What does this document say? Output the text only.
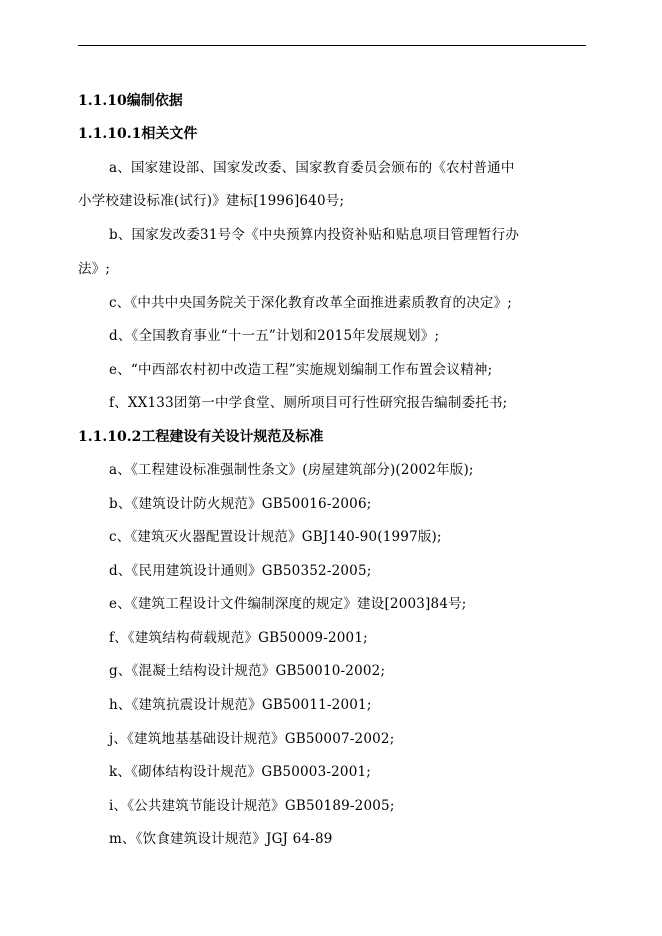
1.1.10编制依据
1.1.10.1相关文件
a、国家建设部、国家发改委、国家教育委员会颁布的《农村普通中
小学校建设标准(试行)》建标[1996]640号;
b、国家发改委31号令《中央预算内投资补贴和贴息项目管理暂行办
法》;
c、《中共中央国务院关于深化教育改革全面推进素质教育的决定》;
d、《全国教育事业“十一五”计划和2015年发展规划》;
e、“中西部农村初中改造工程”实施规划编制工作布置会议精神;
f、XX133团第一中学食堂、厕所项目可行性研究报告编制委托书;
1.1.10.2工程建设有关设计规范及标准
a、《工程建设标准强制性条文》(房屋建筑部分)(2002年版);
b、《建筑设计防火规范》GB50016-2006;
c、《建筑灭火器配置设计规范》GBJ140-90(1997版);
d、《民用建筑设计通则》GB50352-2005;
e、《建筑工程设计文件编制深度的规定》建设[2003]84号;
f、《建筑结构荷载规范》GB50009-2001;
g、《混凝土结构设计规范》GB50010-2002;
h、《建筑抗震设计规范》GB50011-2001;
j、《建筑地基基础设计规范》GB50007-2002;
k、《砌体结构设计规范》GB50003-2001;
i、《公共建筑节能设计规范》GB50189-2005;
m、《饮食建筑设计规范》JGJ 64-89
